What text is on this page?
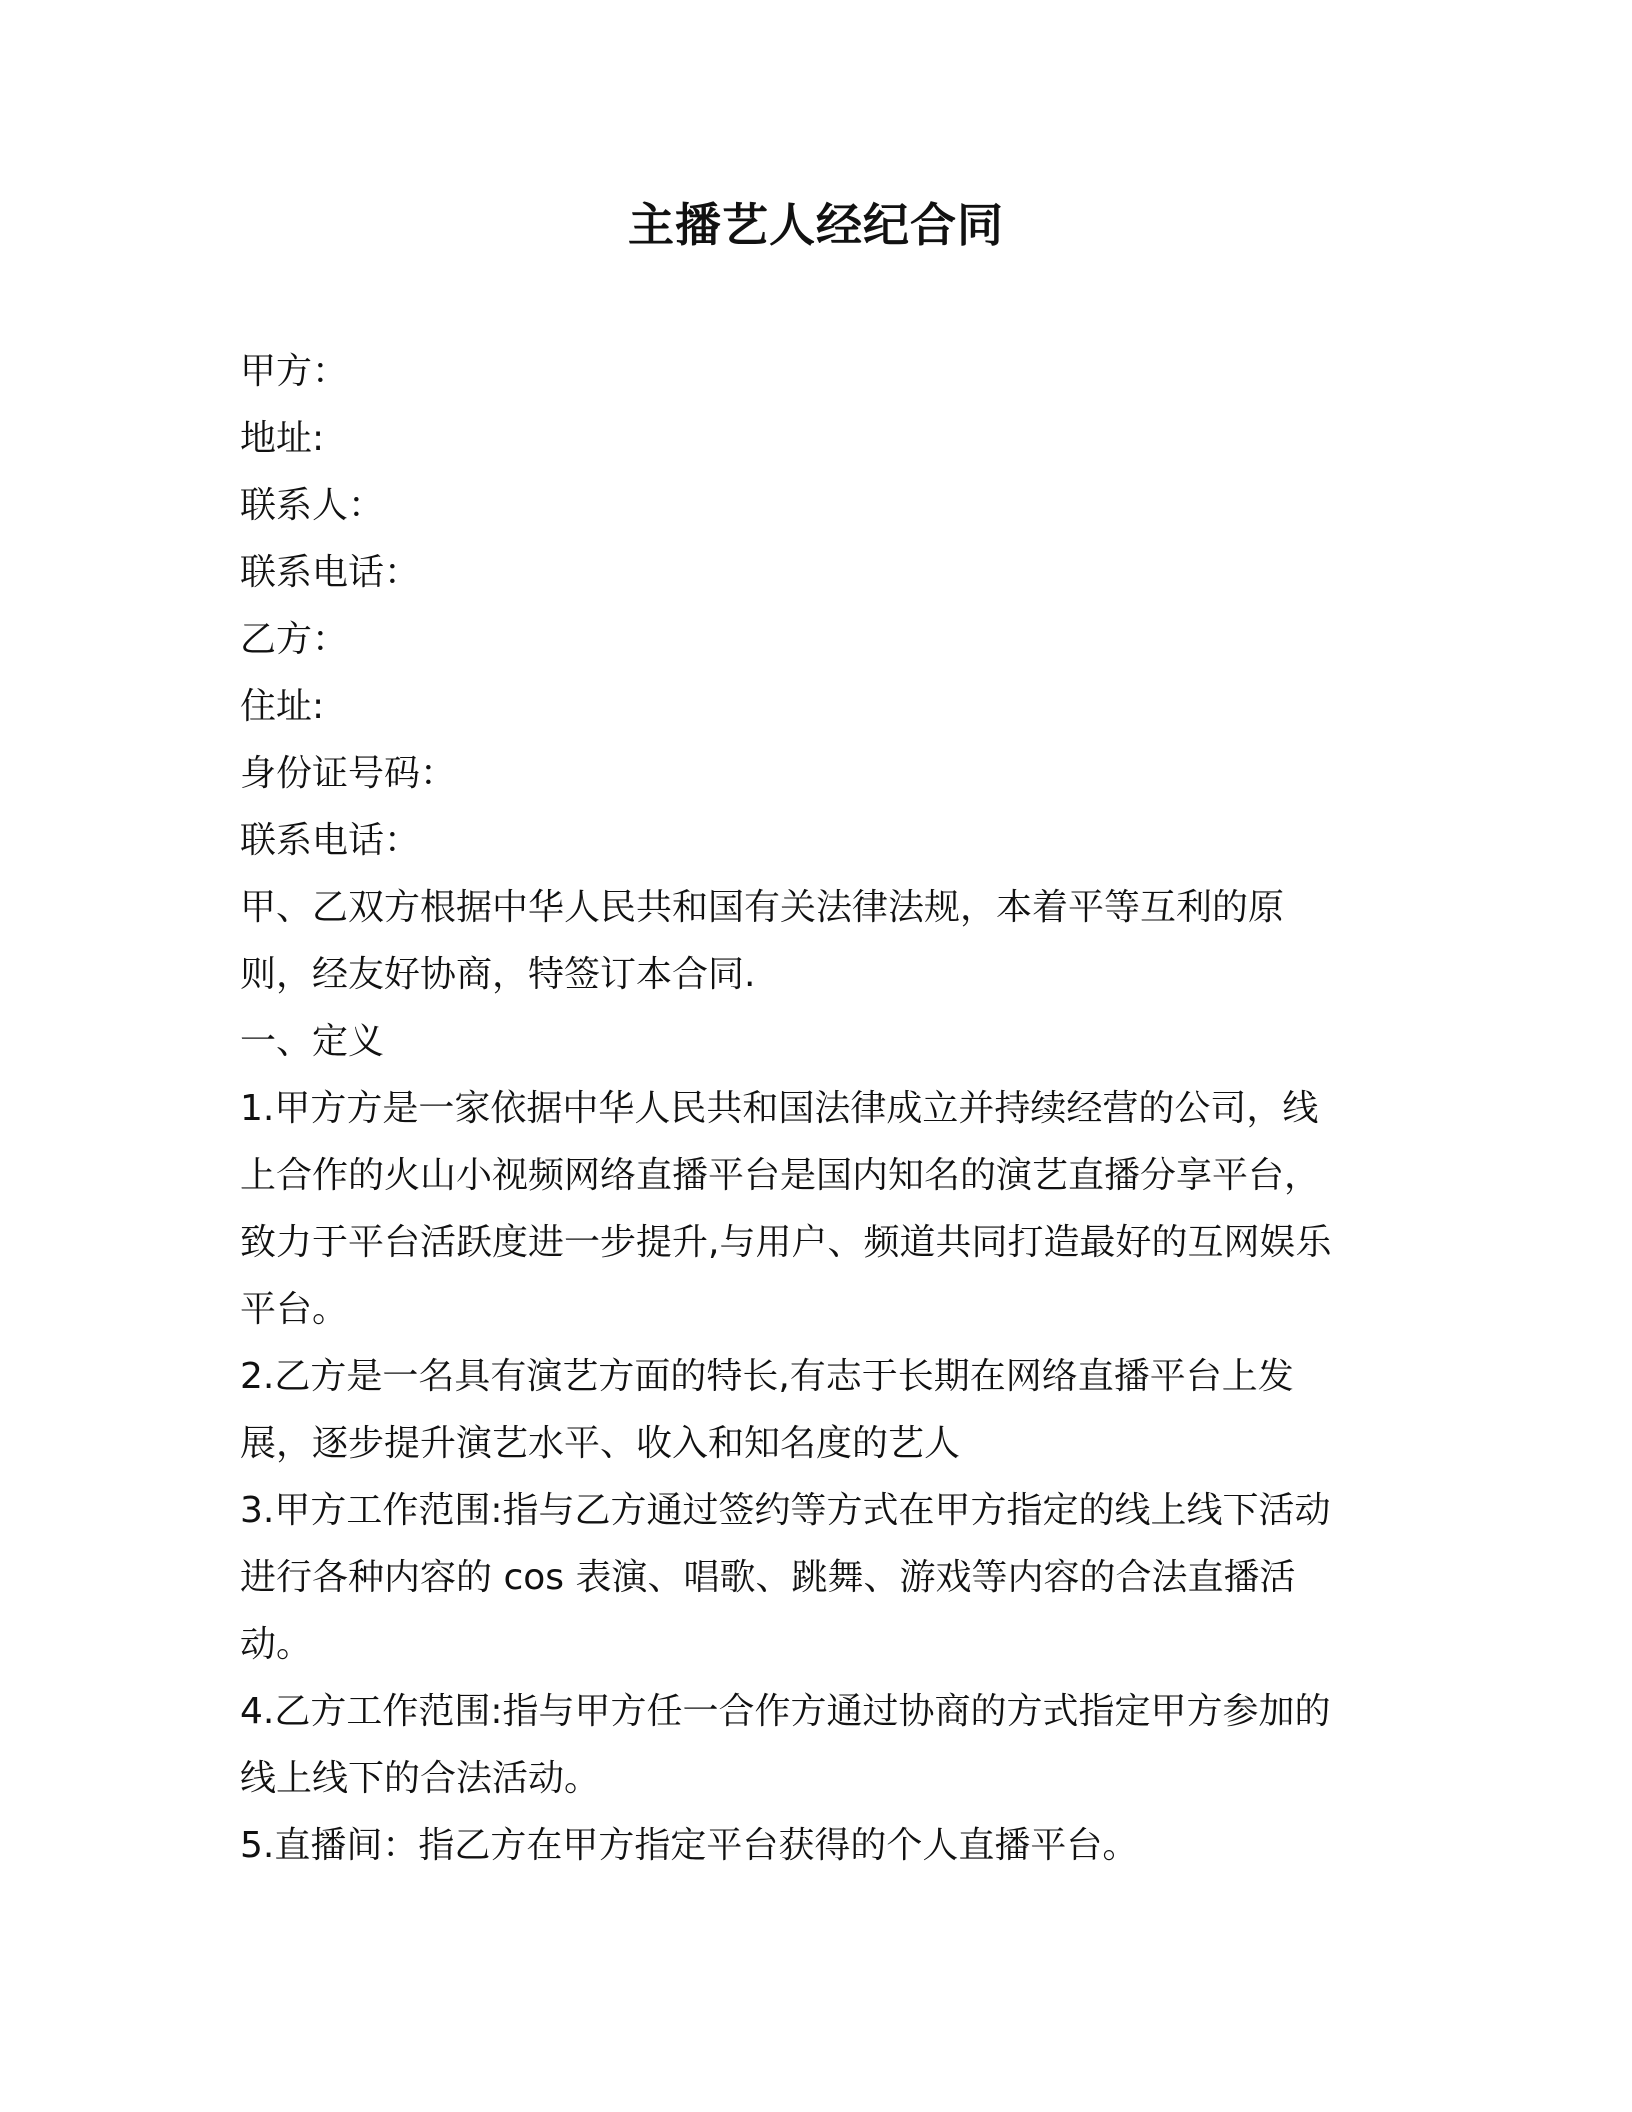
主播艺人经纪合同
甲方：
地址:
联系人：
联系电话：
乙方：
住址:
身份证号码：
联系电话：
甲、乙双方根据中华人民共和国有关法律法规，本着平等互利的原
则，经友好协商，特签订本合同.
一、定义
1.甲方方是一家依据中华人民共和国法律成立并持续经营的公司，线
上合作的火山小视频网络直播平台是国内知名的演艺直播分享平台，
致力于平台活跃度进一步提升,与用户、频道共同打造最好的互网娱乐
平台。
2.乙方是一名具有演艺方面的特长,有志于长期在网络直播平台上发
展，逐步提升演艺水平、收入和知名度的艺人
3.甲方工作范围:指与乙方通过签约等方式在甲方指定的线上线下活动
进行各种内容的 cos 表演、唱歌、跳舞、游戏等内容的合法直播活
动。
4.乙方工作范围:指与甲方任一合作方通过协商的方式指定甲方参加的
线上线下的合法活动。
5.直播间：指乙方在甲方指定平台获得的个人直播平台。
